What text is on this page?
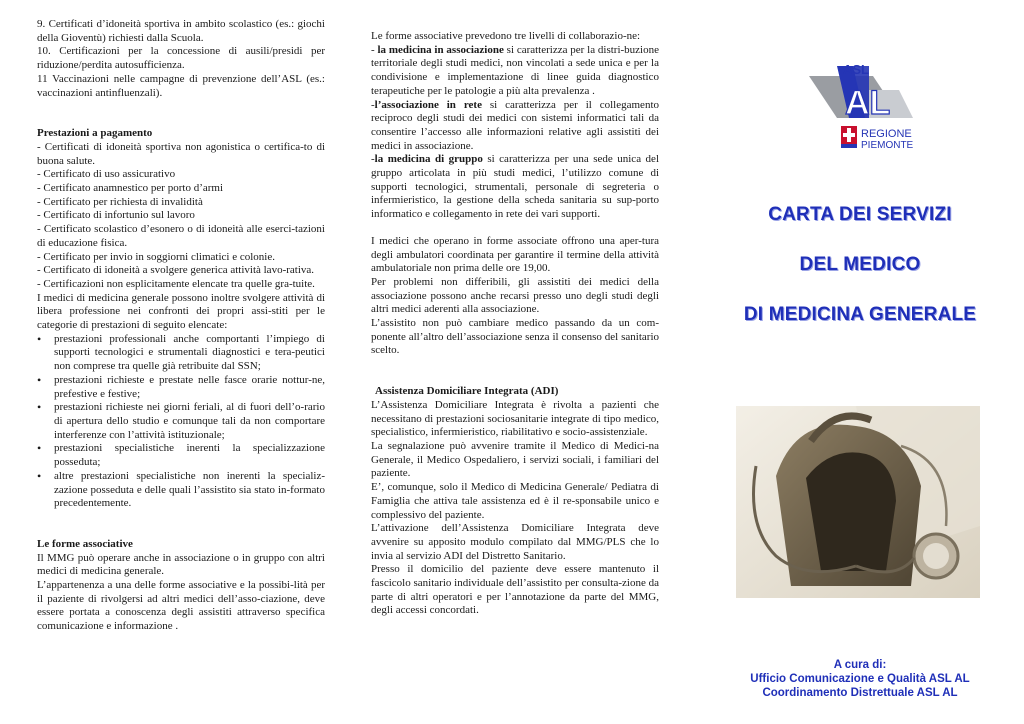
9. Certificati d’idoneità sportiva in ambito scolastico (es.: giochi della Gioventù) richiesti dalla Scuola.

10. Certificazioni per la concessione di ausili/presidi per riduzione/perdita autosufficienza.

11 Vaccinazioni nelle campagne di prevenzione dell’ASL (es.: vaccinazioni antinfluenzali).

Prestazioni a pagamento

- Certificati di idoneità sportiva non agonistica o certifica-to di buona salute.

- Certificato di uso assicurativo

- Certificato anamnestico per porto d’armi

- Certificato per richiesta di invalidità

- Certificato di infortunio sul lavoro

- Certificato scolastico d’esonero o di idoneità alle eserci-tazioni di educazione fisica.

- Certificato per invio in soggiorni climatici e colonie.

- Certificato di idoneità a svolgere generica attività lavo-rativa.

- Certificazioni non esplicitamente elencate tra quelle gra-tuite.

I medici di medicina generale possono inoltre svolgere attività di libera professione nei confronti dei propri assi-stiti per le categorie di prestazioni di seguito elencate:

• prestazioni professionali anche comportanti l’impiego di supporti tecnologici e strumentali diagnostici e tera-peutici non comprese tra quelle già retribuite dal SSN;
• prestazioni richieste e prestate nelle fasce orarie nottur-ne, prefestive e festive;
• prestazioni richieste nei giorni feriali, al di fuori dell’o-rario di apertura dello studio e comunque tali da non comportare interferenze con l’attività istituzionale;
• prestazioni specialistiche inerenti la specializzazione posseduta;
• altre prestazioni specialistiche non inerenti la specializ-zazione posseduta e delle quali l’assistito sia stato in-formato precedentemente.

Le forme associative

Il MMG può operare anche in associazione o in gruppo con altri medici di medicina generale.

L’appartenenza a una delle forme associative e la possibi-lità per il paziente di rivolgersi ad altri medici dell’asso-ciazione, deve essere portata a conoscenza degli assistiti attraverso specifica comunicazione e informazione .

Le forme associative prevedono tre livelli di collaborazio-ne:

- la medicina in associazione si caratterizza per la distri-buzione territoriale degli studi medici, non vincolati a sede unica e per la condivisione e implementazione di linee guida diagnostico terapeutiche per le patologie a più alta prevalenza .

-l’associazione in rete si caratterizza per il collegamento reciproco degli studi dei medici con sistemi informatici tali da consentire l’accesso alle informazioni relative agli assistiti dei medici in associazione.

-la medicina di gruppo si caratterizza per una sede unica del gruppo articolata in più studi medici, l’utilizzo comune di supporti tecnologici, strumentali, personale di segreteria o infermieristico, la gestione della scheda sanitaria su sup-porto informatico e collegamento in rete dei vari supporti.

I medici che operano in forme associate offrono una aper-tura degli ambulatori coordinata per garantire il termine della attività ambulatoriale non prima delle ore 19,00.

Per problemi non differibili, gli assistiti dei medici della associazione possono anche recarsi presso uno degli studi degli altri medici aderenti alla associazione.

L’assistito non può cambiare medico passando da un com-ponente all’altro dell’associazione senza il consenso del sanitario scelto.

Assistenza Domiciliare Integrata (ADI)

L’Assistenza Domiciliare Integrata è rivolta a pazienti che necessitano di prestazioni sociosanitarie integrate di tipo medico, specialistico, infermieristico, riabilitativo e socio-assistenziale.

La segnalazione può avvenire tramite il Medico di Medici-na Generale, il Medico Ospedaliero, i servizi sociali, i familiari del paziente.

E’, comunque, solo il Medico di Medicina Generale/ Pediatra di Famiglia che attiva tale assistenza ed è il re-sponsabile unico e complessivo del paziente.

L’attivazione dell’Assistenza Domiciliare Integrata deve avvenire su apposito modulo compilato dal MMG/PLS che lo invia al servizio ADI del Distretto Sanitario.

Presso il domicilio del paziente deve essere mantenuto il fascicolo sanitario individuale dell’assistito per consulta-zione da parte di altri operatori e per l’annotazione da parte del MMG, degli accessi concordati.

ASL
AL
REGIONE
PIEMONTE
CARTA DEI SERVIZI
DEL MEDICO
DI MEDICINA GENERALE
A cura di:
Ufficio Comunicazione e Qualità ASL AL
Coordinamento Distrettuale ASL AL
